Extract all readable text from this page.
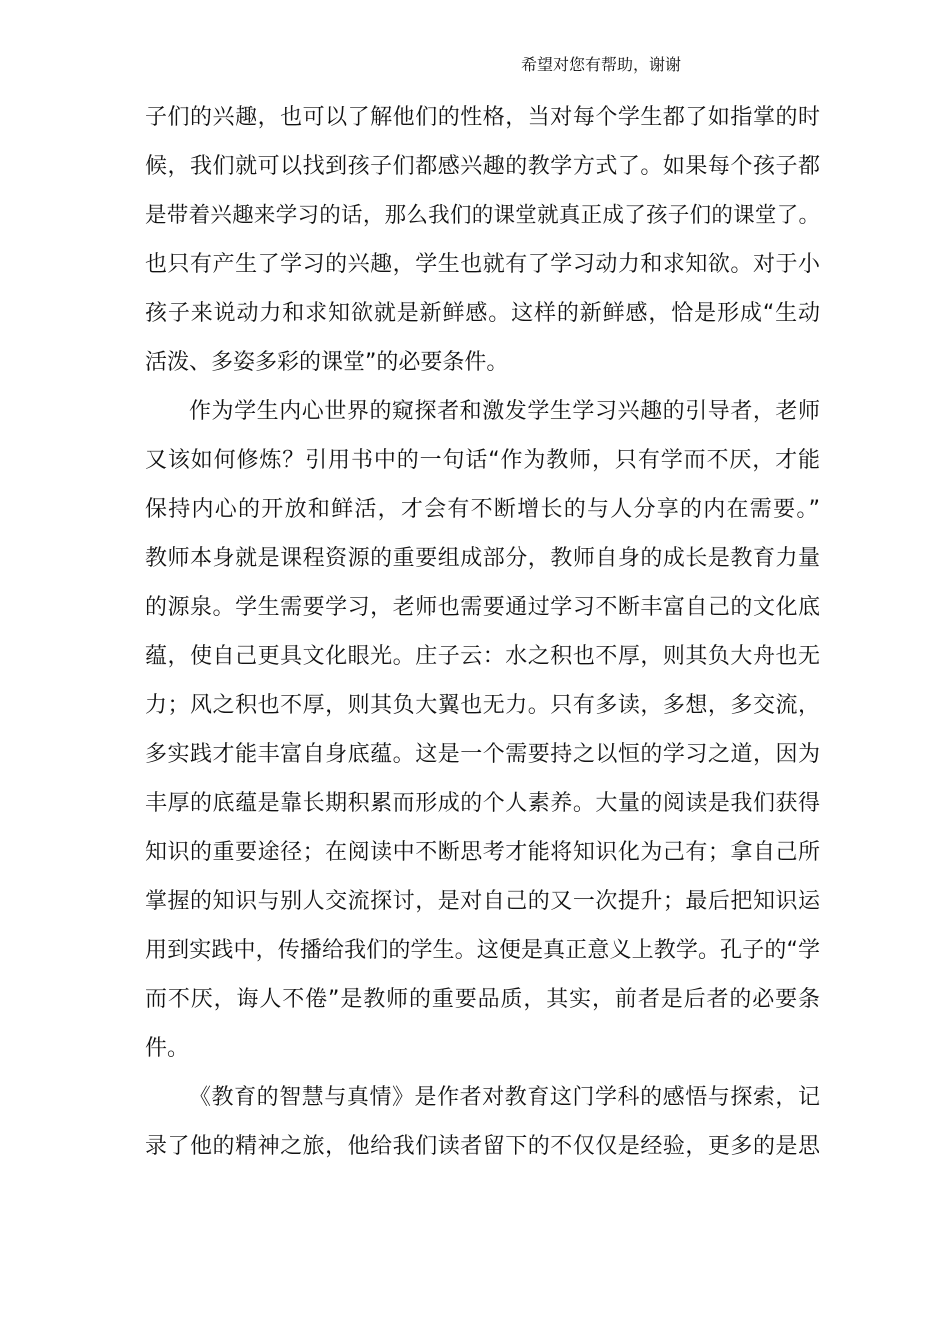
希望对您有帮助，谢谢
子们的兴趣，也可以了解他们的性格，当对每个学生都了如指掌的时
候，我们就可以找到孩子们都感兴趣的教学方式了。如果每个孩子都
是带着兴趣来学习的话，那么我们的课堂就真正成了孩子们的课堂了。
也只有产生了学习的兴趣，学生也就有了学习动力和求知欲。对于小
孩子来说动力和求知欲就是新鲜感。这样的新鲜感，恰是形成“生动
活泼、多姿多彩的课堂”的必要条件。
作为学生内心世界的窥探者和激发学生学习兴趣的引导者，老师
又该如何修炼？引用书中的一句话“作为教师，只有学而不厌，才能
保持内心的开放和鲜活，才会有不断增长的与人分享的内在需要。”
教师本身就是课程资源的重要组成部分，教师自身的成长是教育力量
的源泉。学生需要学习，老师也需要通过学习不断丰富自己的文化底
蕴，使自己更具文化眼光。庄子云：水之积也不厚，则其负大舟也无
力；风之积也不厚，则其负大翼也无力。只有多读，多想，多交流，
多实践才能丰富自身底蕴。这是一个需要持之以恒的学习之道，因为
丰厚的底蕴是靠长期积累而形成的个人素养。大量的阅读是我们获得
知识的重要途径；在阅读中不断思考才能将知识化为己有；拿自己所
掌握的知识与别人交流探讨，是对自己的又一次提升；最后把知识运
用到实践中，传播给我们的学生。这便是真正意义上教学。孔子的“学
而不厌，诲人不倦”是教师的重要品质，其实，前者是后者的必要条
件。
《教育的智慧与真情》是作者对教育这门学科的感悟与探索，记
录了他的精神之旅，他给我们读者留下的不仅仅是经验，更多的是思
